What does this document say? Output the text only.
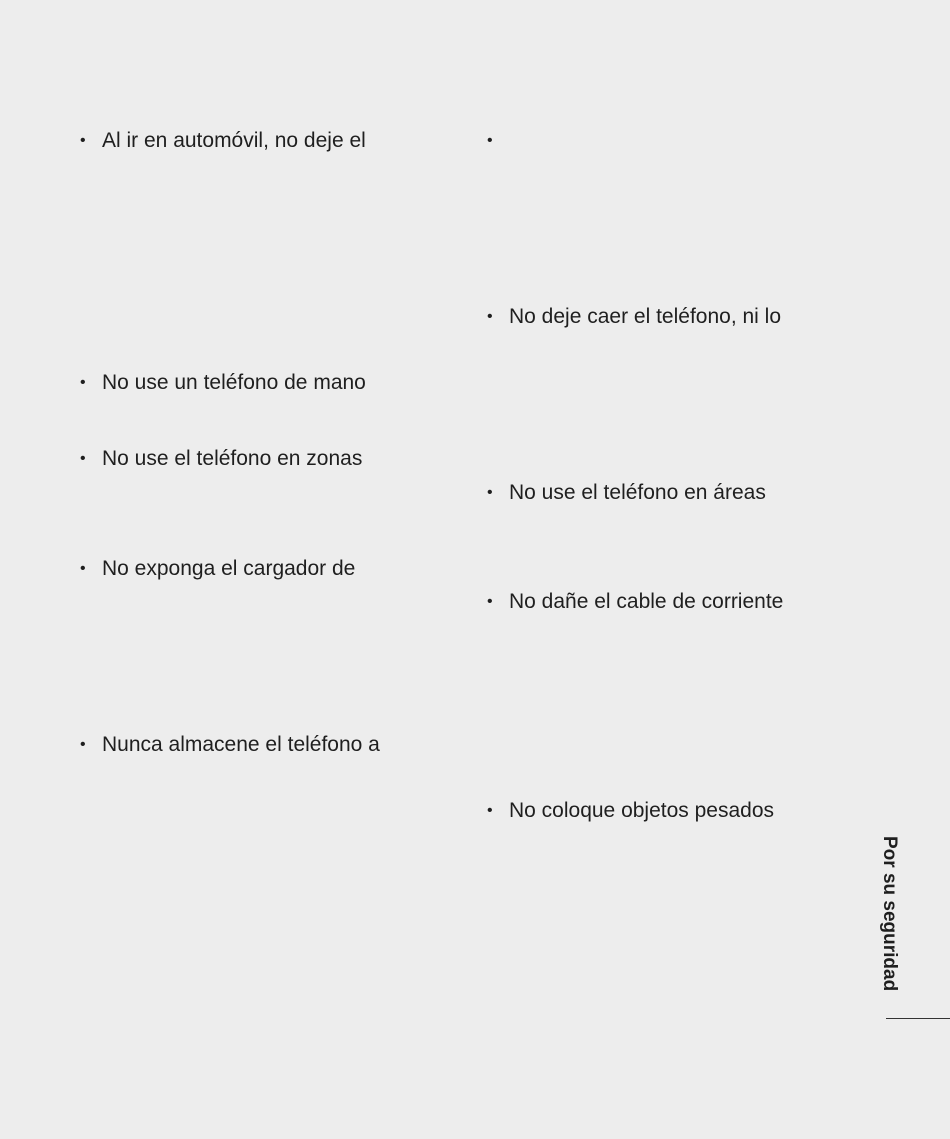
• Al ir en automóvil, no deje el
• No use un teléfono de mano
• No use el teléfono en zonas
• No exponga el cargador de
• Nunca almacene el teléfono a
•
• No deje caer el teléfono, ni lo
• No use el teléfono en áreas
• No dañe el cable de corriente
• No coloque objetos pesados
Por su seguridad
